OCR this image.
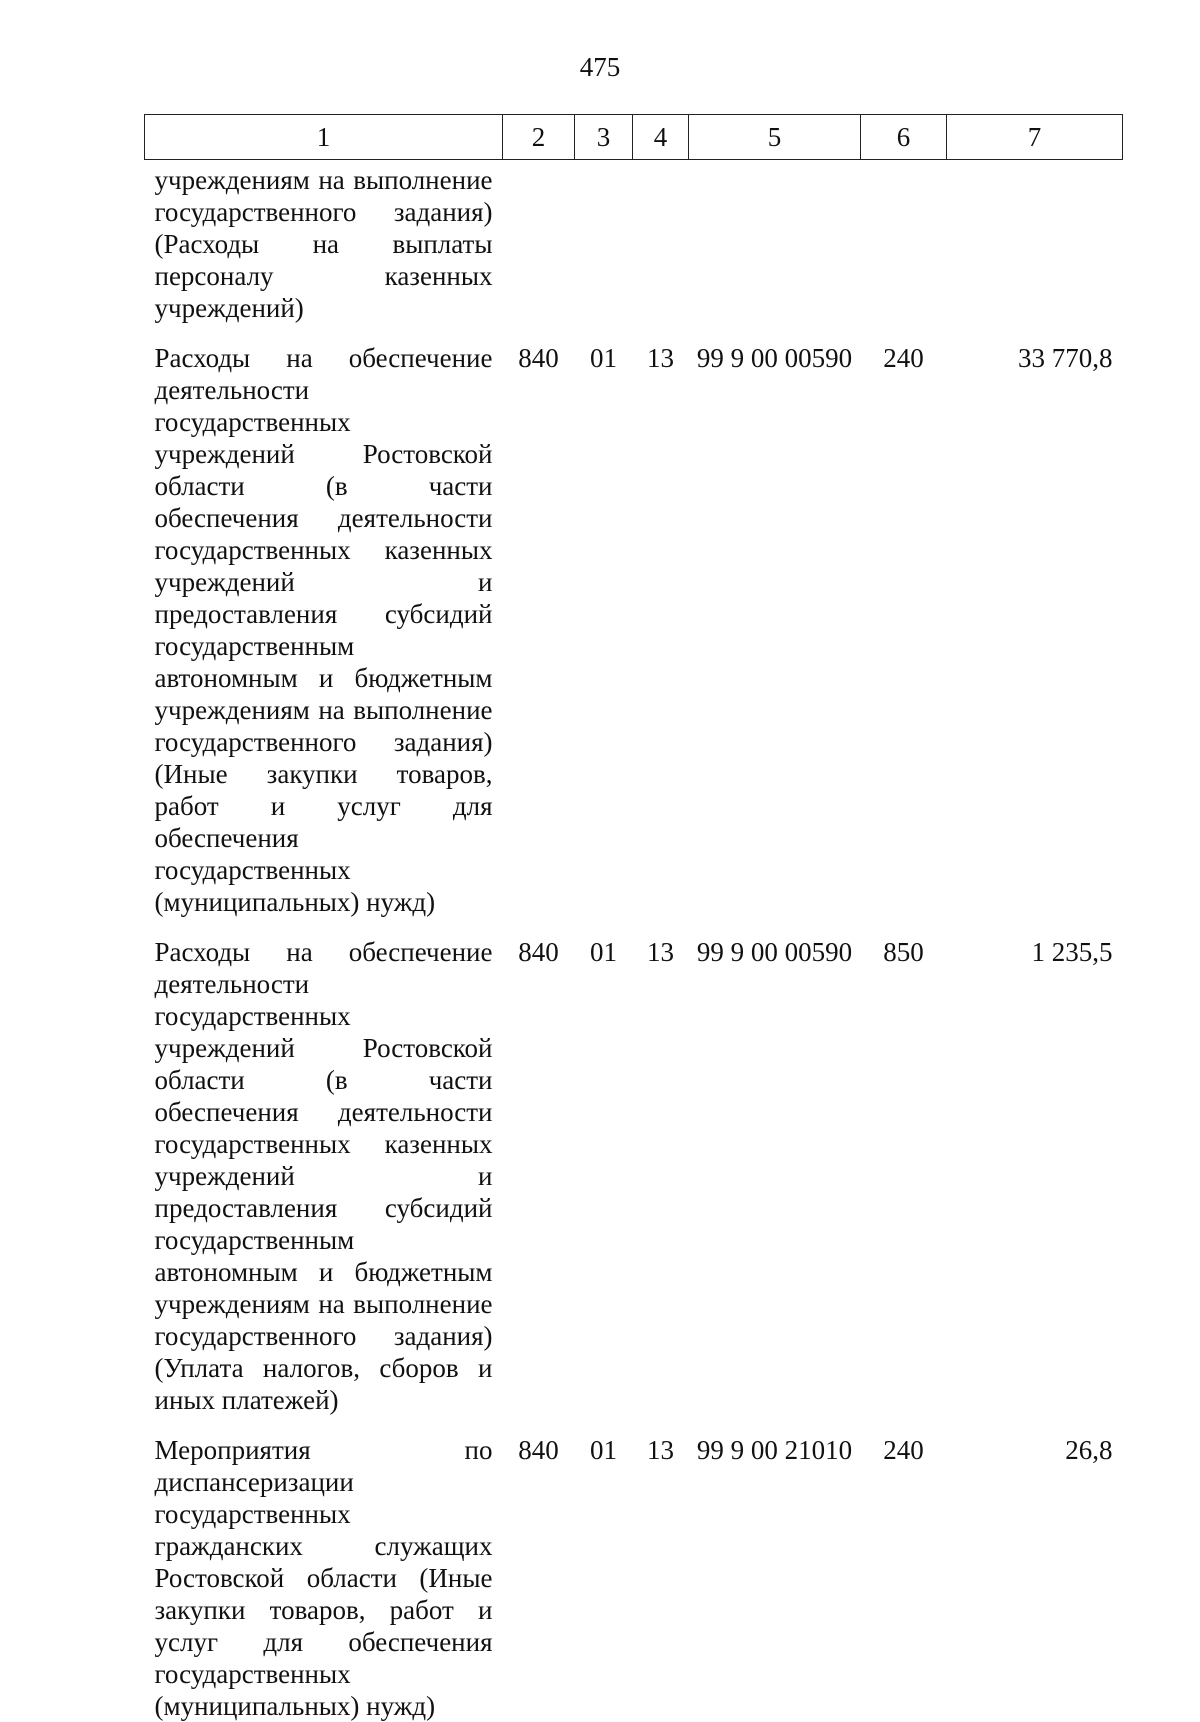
475
1	2	3	4	5	6	7
учреждениям на выполнение государственного задания) (Расходы на выплаты персоналу казенных учреждений)						
Расходы на обеспечение деятельности государственных учреждений Ростовской области (в части обеспечения деятельности государственных казенных учреждений и предоставления субсидий государственным автономным и бюджетным учреждениям на выполнение государственного задания) (Иные закупки товаров, работ и услуг для обеспечения государственных (муниципальных) нужд)	840	01	13	99 9 00 00590	240	33 770,8
Расходы на обеспечение деятельности государственных учреждений Ростовской области (в части обеспечения деятельности государственных казенных учреждений и предоставления субсидий государственным автономным и бюджетным учреждениям на выполнение государственного задания) (Уплата налогов, сборов и иных платежей)	840	01	13	99 9 00 00590	850	1 235,5
Мероприятия по диспансеризации государственных гражданских служащих Ростовской области (Иные закупки товаров, работ и услуг для обеспечения государственных (муниципальных) нужд)	840	01	13	99 9 00 21010	240	26,8
